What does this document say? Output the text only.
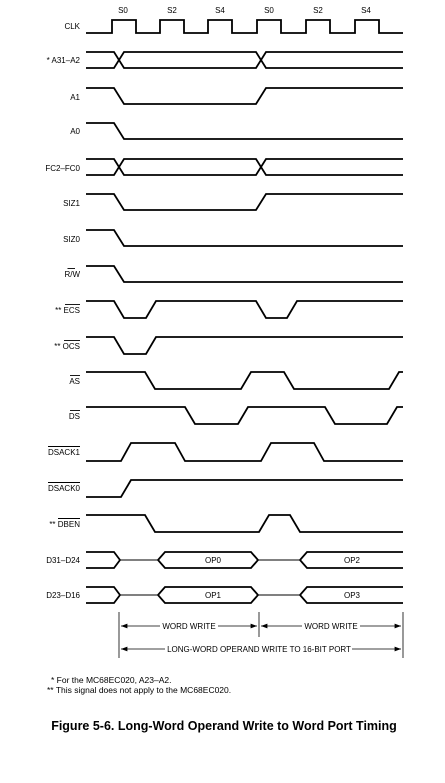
S0	S2	S4	S0	S2	S4
CLK
* A31–A2
A1
A0
FC2–FC0
SIZ1
SIZ0
R/W
** ECS
** OCS
AS
DS
DSACK1
DSACK0
** DBEN
D31–D24
D23–D16
OP0	OP2
OP1	OP3
WORD WRITE	WORD WRITE
LONG-WORD OPERAND WRITE TO 16-BIT PORT
* For the MC68EC020, A23–A2.
** This signal does not apply to the MC68EC020.
Figure 5-6. Long-Word Operand Write to Word Port Timing
